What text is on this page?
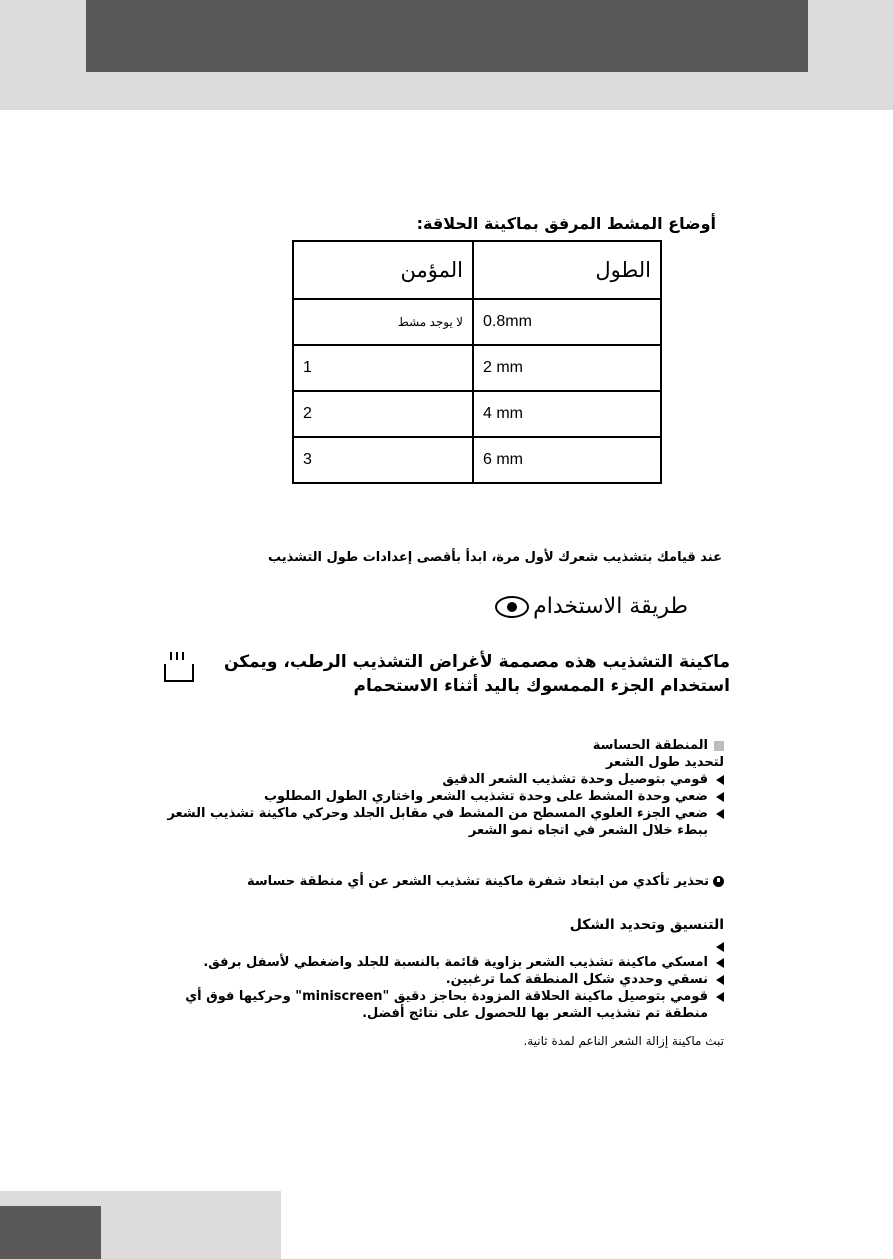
أوضاع المشط المرفق بماكينة الحلاقة:
المؤمن	الطول
لا يوجد مشط	0.8mm
1	2 mm
2	4 mm
3	6 mm
عند قيامك بتشذيب شعرك لأول مرة، ابدأ بأقصى إعدادات طول التشذيب
طريقة الاستخدام
ماكينة التشذيب هذه مصممة لأغراض التشذيب الرطب، ويمكن استخدام الجزء الممسوك باليد أثناء الاستحمام
المنطقة الحساسة
لتحديد طول الشعر
قومي بتوصيل وحدة تشذيب الشعر الدقيق
ضعي وحدة المشط على وحدة تشذيب الشعر واختاري الطول المطلوب
ضعي الجزء العلوي المسطح من المشط في مقابل الجلد وحركي ماكينة تشذيب الشعر ببطء خلال الشعر في اتجاه نمو الشعر
تحذير تأكدي من ابتعاد شفرة ماكينة تشذيب الشعر عن أي منطقة حساسة
التنسيق وتحديد الشكل
امسكي ماكينة تشذيب الشعر بزاوية قائمة بالنسبة للجلد واضغطي لأسفل برفق.
نسقي وحددي شكل المنطقة كما ترغبين.
قومي بتوصيل ماكينة الحلاقة المزودة بحاجز دقيق "miniscreen" وحركيها فوق أي منطقة تم تشذيب الشعر بها للحصول على نتائج أفضل.
تبث ماكينة إزالة الشعر الناعم لمدة ثانية.
